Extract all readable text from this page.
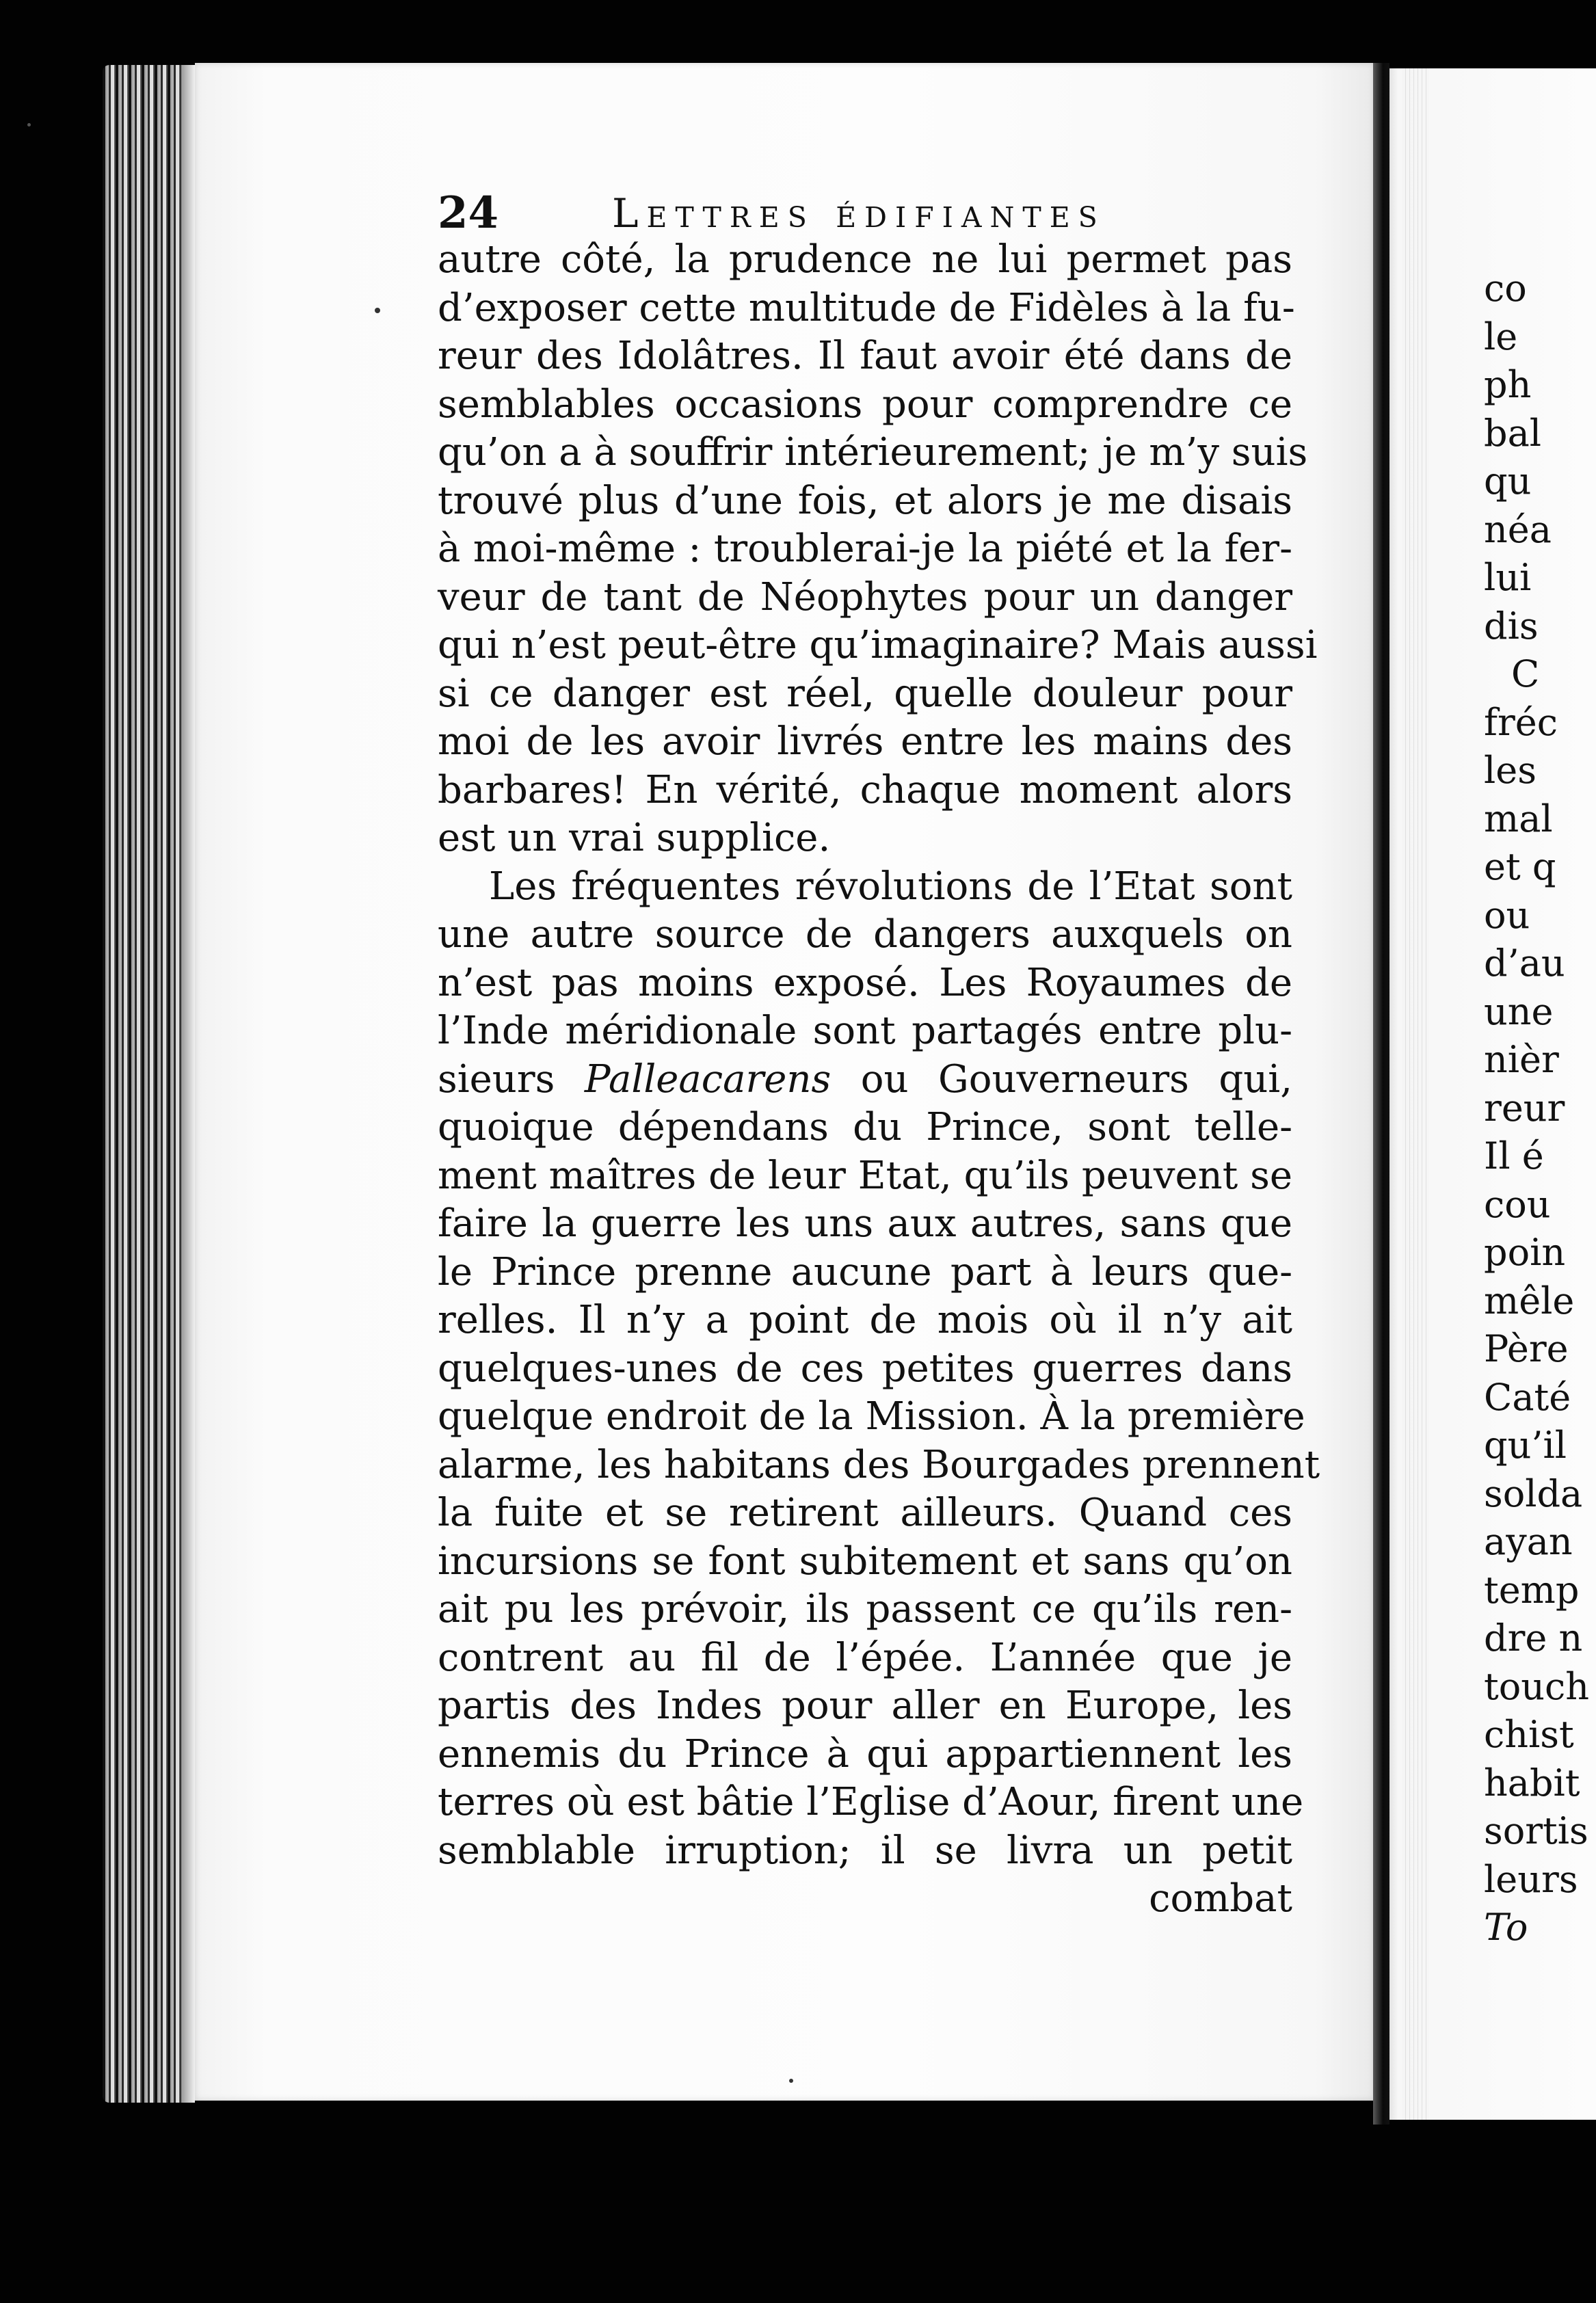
24	Lettres édifiantes
autre côté, la prudence ne lui permet pas
d’exposer cette multitude de Fidèles à la fu-
reur des Idolâtres. Il faut avoir été dans de
semblables occasions pour comprendre ce
qu’on a à souffrir intérieurement; je m’y suis
trouvé plus d’une fois, et alors je me disais
à moi-même : troublerai-je la piété et la fer-
veur de tant de Néophytes pour un danger
qui n’est peut-être qu’imaginaire? Mais aussi
si ce danger est réel, quelle douleur pour
moi de les avoir livrés entre les mains des
barbares! En vérité, chaque moment alors
est un vrai supplice.
Les fréquentes révolutions de l’Etat sont
une autre source de dangers auxquels on
n’est pas moins exposé. Les Royaumes de
l’Inde méridionale sont partagés entre plu-
sieurs Palleacarens ou Gouverneurs qui,
quoique dépendans du Prince, sont telle-
ment maîtres de leur Etat, qu’ils peuvent se
faire la guerre les uns aux autres, sans que
le Prince prenne aucune part à leurs que-
relles. Il n’y a point de mois où il n’y ait
quelques-unes de ces petites guerres dans
quelque endroit de la Mission. À la première
alarme, les habitans des Bourgades prennent
la fuite et se retirent ailleurs. Quand ces
incursions se font subitement et sans qu’on
ait pu les prévoir, ils passent ce qu’ils ren-
contrent au fil de l’épée. L’année que je
partis des Indes pour aller en Europe, les
ennemis du Prince à qui appartiennent les
terres où est bâtie l’Eglise d’Aour, firent une
semblable irruption; il se livra un petit
combat
co
le
ph
bal
qu
néa
lui
dis
C
fréc
les
mal
et q
ou
d’au
une
nièr
reur
Il é
cou
poin
mêle
Père
Caté
qu’il
solda
ayan
temp
dre n
touch
chist
habit
sortis
leurs
To
